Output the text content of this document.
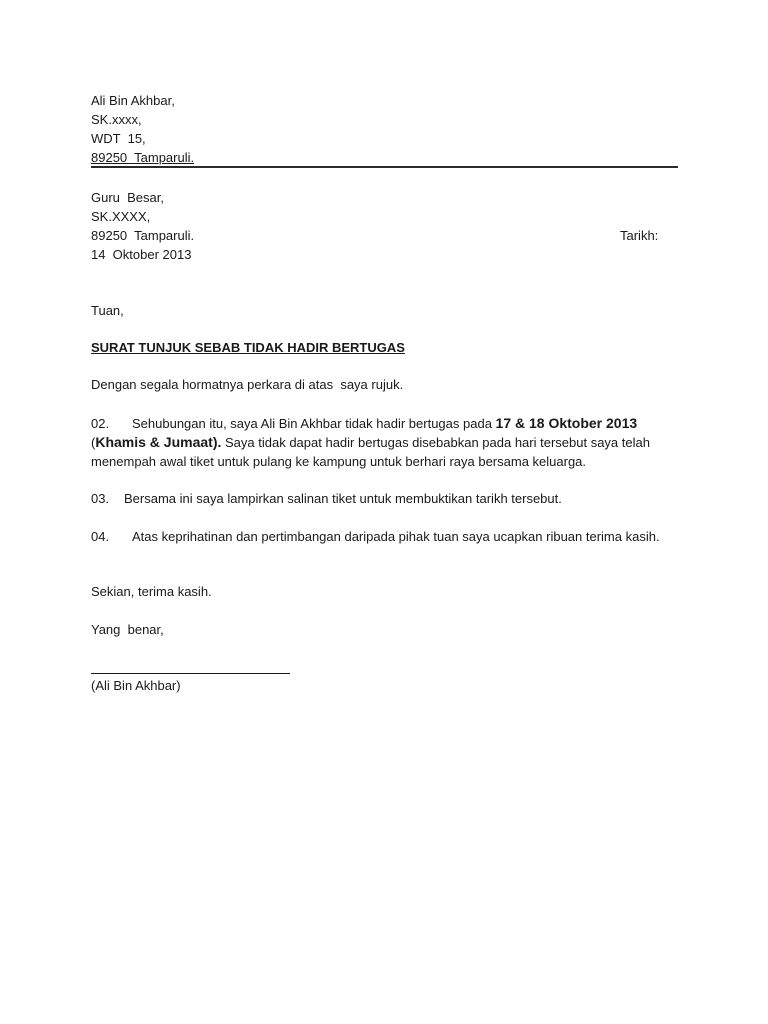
Ali Bin Akhbar,
SK.xxxx,
WDT  15,
89250  Tamparuli.
Guru  Besar,
SK.XXXX,
89250  Tamparuli.	Tarikh:
14  Oktober 2013
Tuan,
SURAT TUNJUK SEBAB TIDAK HADIR BERTUGAS
Dengan segala hormatnya perkara di atas  saya rujuk.
02. Sehubungan itu, saya Ali Bin Akhbar tidak hadir bertugas pada 17 & 18 Oktober 2013
(Khamis & Jumaat). Saya tidak dapat hadir bertugas disebabkan pada hari tersebut saya telah menempah awal tiket untuk pulang ke kampung untuk berhari raya bersama keluarga.
03. Bersama ini saya lampirkan salinan tiket untuk membuktikan tarikh tersebut.
04. Atas keprihatinan dan pertimbangan daripada pihak tuan saya ucapkan ribuan terima kasih.
Sekian, terima kasih.
Yang  benar,
(Ali Bin Akhbar)
